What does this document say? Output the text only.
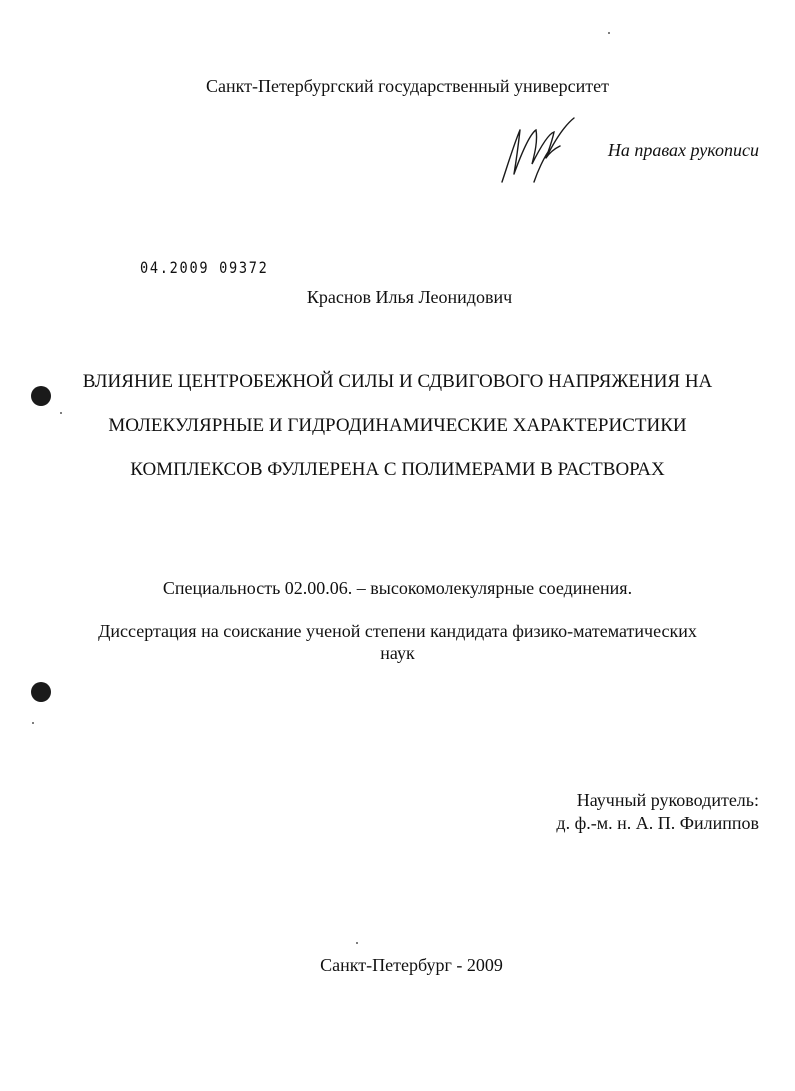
Санкт-Петербургский государственный университет
На правах рукописи
04.2009 09372
Краснов Илья Леонидович
ВЛИЯНИЕ ЦЕНТРОБЕЖНОЙ СИЛЫ И СДВИГОВОГО НАПРЯЖЕНИЯ НА
МОЛЕКУЛЯРНЫЕ И ГИДРОДИНАМИЧЕСКИЕ ХАРАКТЕРИСТИКИ
КОМПЛЕКСОВ ФУЛЛЕРЕНА С ПОЛИМЕРАМИ В РАСТВОРАХ
Специальность 02.00.06. – высокомолекулярные соединения.
Диссертация на соискание ученой степени кандидата физико-математических
наук
Научный руководитель:
д. ф.-м. н. А. П. Филиппов
Санкт-Петербург - 2009
